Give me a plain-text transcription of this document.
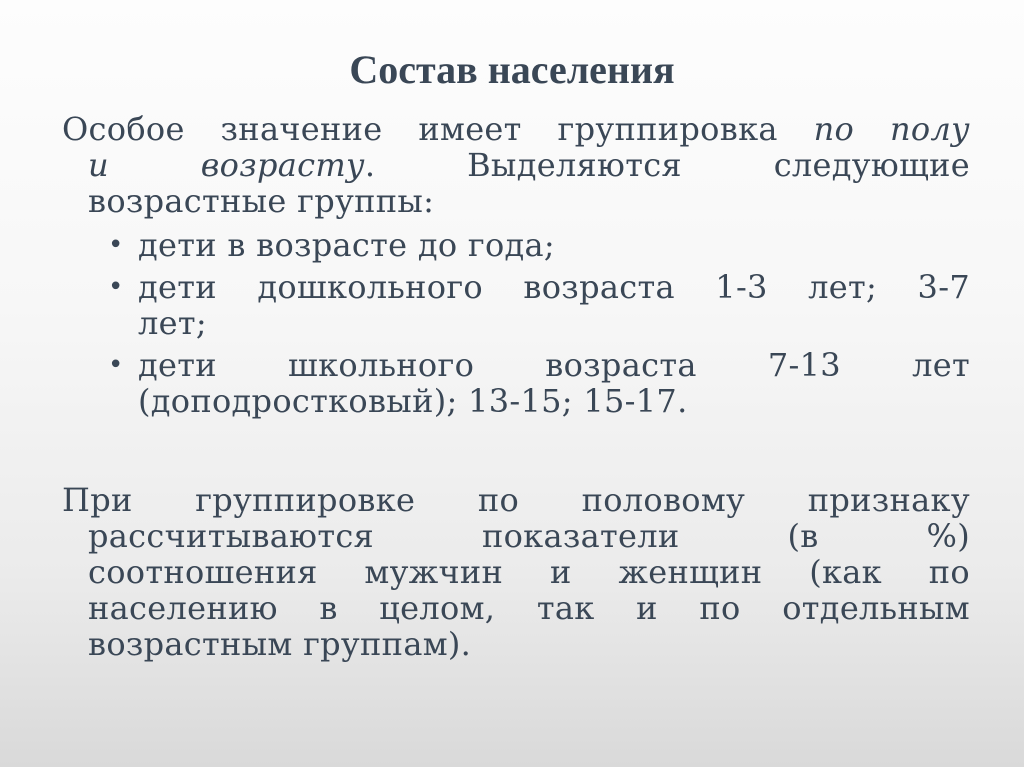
Состав населения
Особое значение имеет группировка по полу
и возрасту. Выделяются следующие
возрастные группы:
• дети в возрасте до года;
• дети дошкольного возраста 1-3 лет; 3-7
лет;
• дети школьного возраста 7-13 лет
(доподростковый); 13-15; 15-17.
При группировке по половому признаку
рассчитываются показатели (в %)
соотношения мужчин и женщин (как по
населению в целом, так и по отдельным
возрастным группам).
